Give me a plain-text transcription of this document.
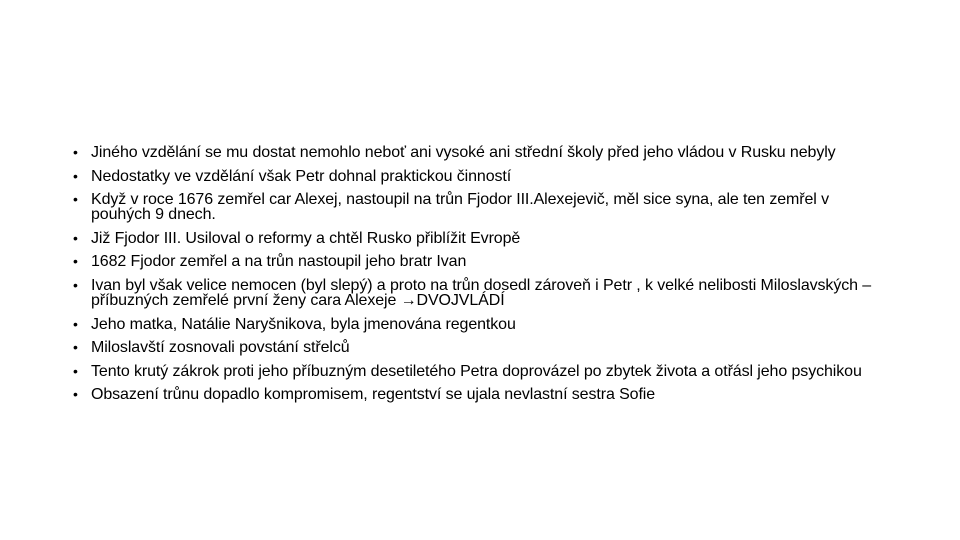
• Jiného vzdělání se mu dostat nemohlo neboť ani vysoké ani střední školy před jeho vládou v Rusku nebyly
• Nedostatky ve vzdělání však Petr dohnal praktickou činností
• Když v roce 1676 zemřel car Alexej, nastoupil na trůn Fjodor III.Alexejevič, měl sice syna, ale ten zemřel v pouhých 9 dnech.
• Již Fjodor III. Usiloval o reformy a chtěl Rusko přiblížit Evropě
• 1682 Fjodor zemřel a na trůn nastoupil jeho bratr Ivan
• Ivan byl však velice nemocen (byl slepý) a proto na trůn dosedl zároveň i Petr , k velké nelibosti Miloslavských – příbuzných zemřelé první ženy cara Alexeje →DVOJVLÁDÍ
• Jeho matka, Natálie Naryšnikova, byla jmenována regentkou
• Miloslavští zosnovali povstání střelců
• Tento krutý zákrok proti jeho příbuzným desetiletého Petra doprovázel po zbytek života a otřásl jeho psychikou
• Obsazení trůnu dopadlo kompromisem, regentství se ujala nevlastní sestra Sofie
